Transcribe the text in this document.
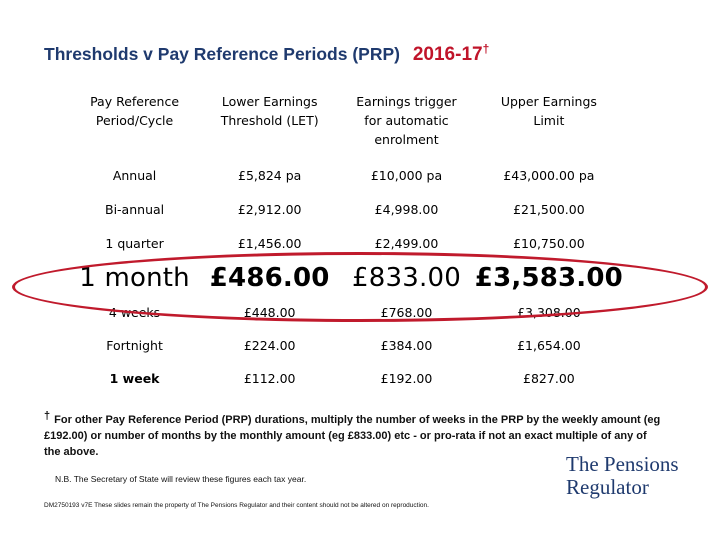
Thresholds v Pay Reference Periods (PRP) 2016-17†
Pay Reference Period/Cycle	Lower Earnings Threshold (LET)	Earnings trigger for automatic enrolment	Upper Earnings Limit
Annual	£5,824 pa	£10,000 pa	£43,000.00 pa
Bi-annual	£2,912.00	£4,998.00	£21,500.00
1 quarter	£1,456.00	£2,499.00	£10,750.00
1 month	£486.00	£833.00	£3,583.00
4 weeks	£448.00	£768.00	£3,308.00
Fortnight	£224.00	£384.00	£1,654.00
1 week	£112.00	£192.00	£827.00
† For other Pay Reference Period (PRP) durations, multiply the number of weeks in the PRP by the weekly amount (eg £192.00) or number of months by the monthly amount (eg £833.00) etc - or pro-rata if not an exact multiple of any of the above.
N.B. The Secretary of State will review these figures each tax year.
DM2750193 v7E These slides remain the property of The Pensions Regulator and their content should not be altered on reproduction.
The Pensions
Regulator
